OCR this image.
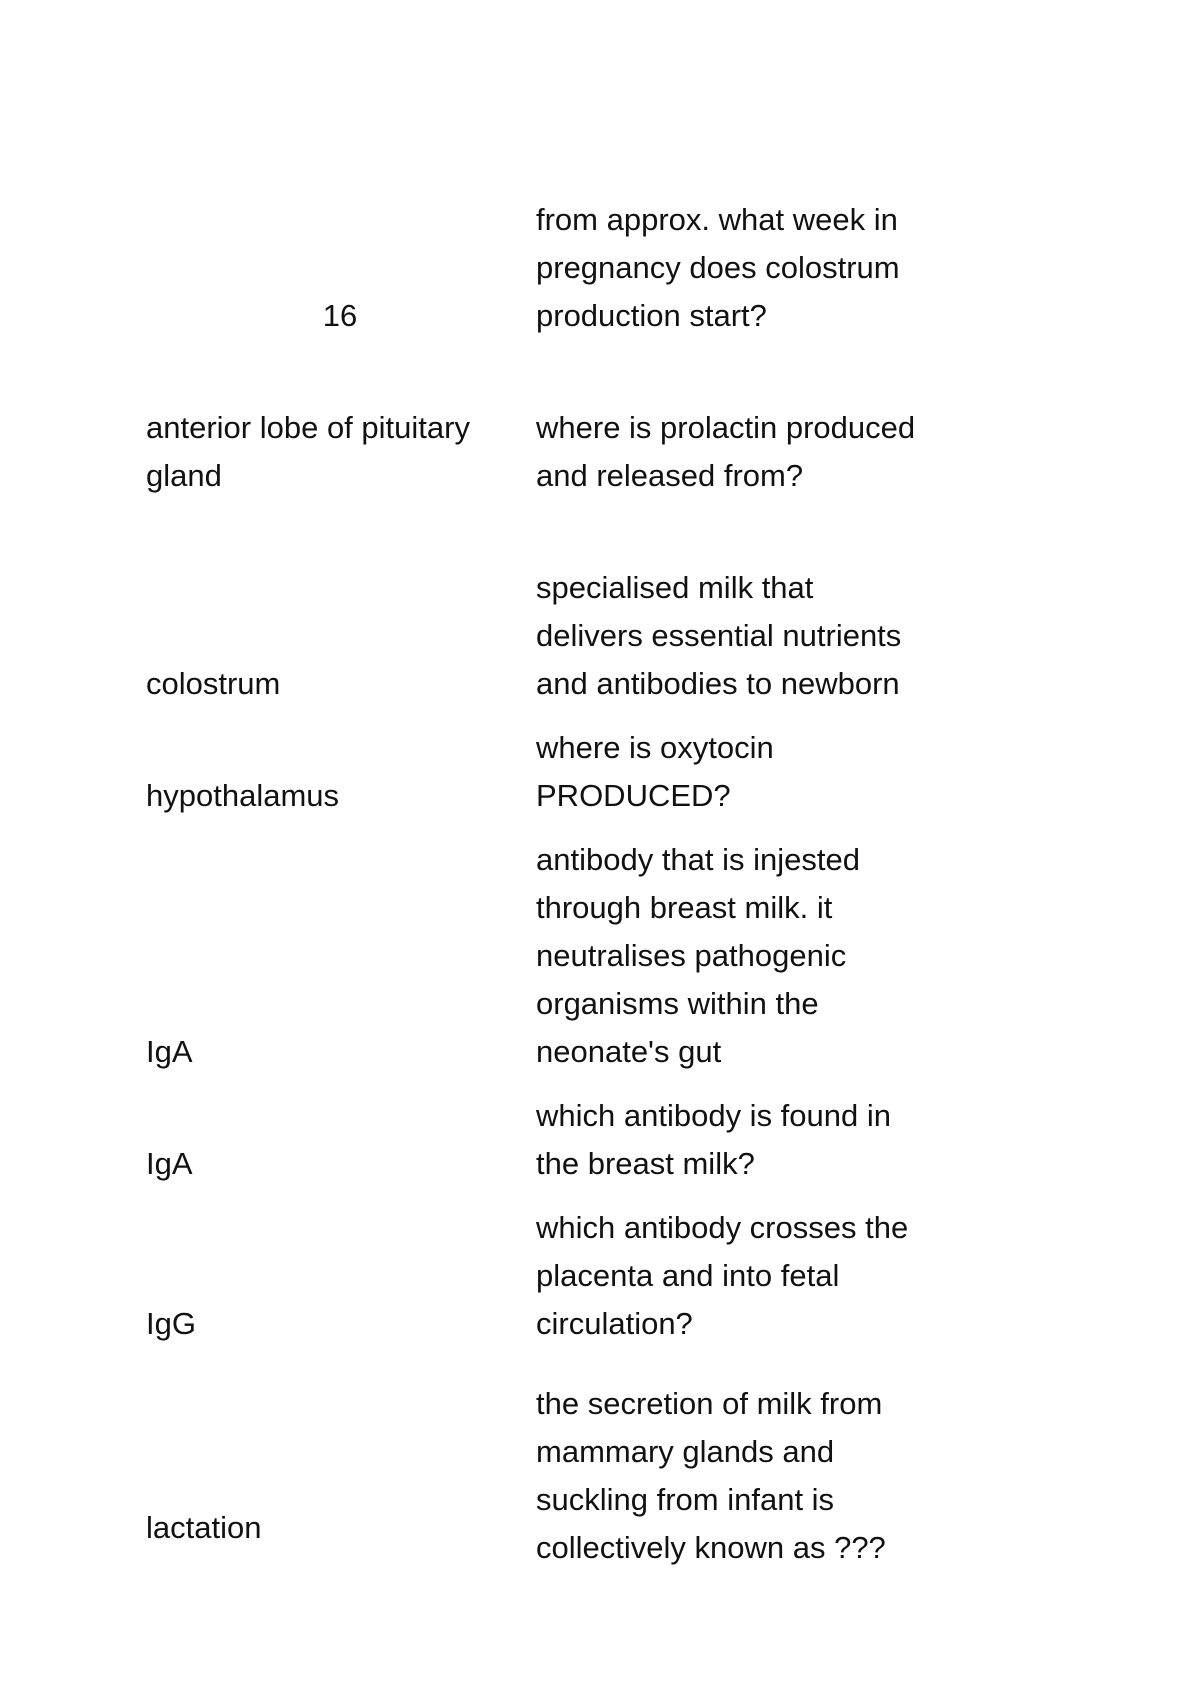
16
from approx. what week in pregnancy does colostrum production start?
anterior lobe of pituitary gland
where is prolactin produced and released from?
colostrum
specialised milk that delivers essential nutrients and antibodies to newborn
hypothalamus
where is oxytocin PRODUCED?
IgA
antibody that is injested through breast milk. it neutralises pathogenic organisms within the neonate's gut
IgA
which antibody is found in the breast milk?
IgG
which antibody crosses the placenta and into fetal circulation?
lactation
the secretion of milk from mammary glands and suckling from infant is collectively known as ???
